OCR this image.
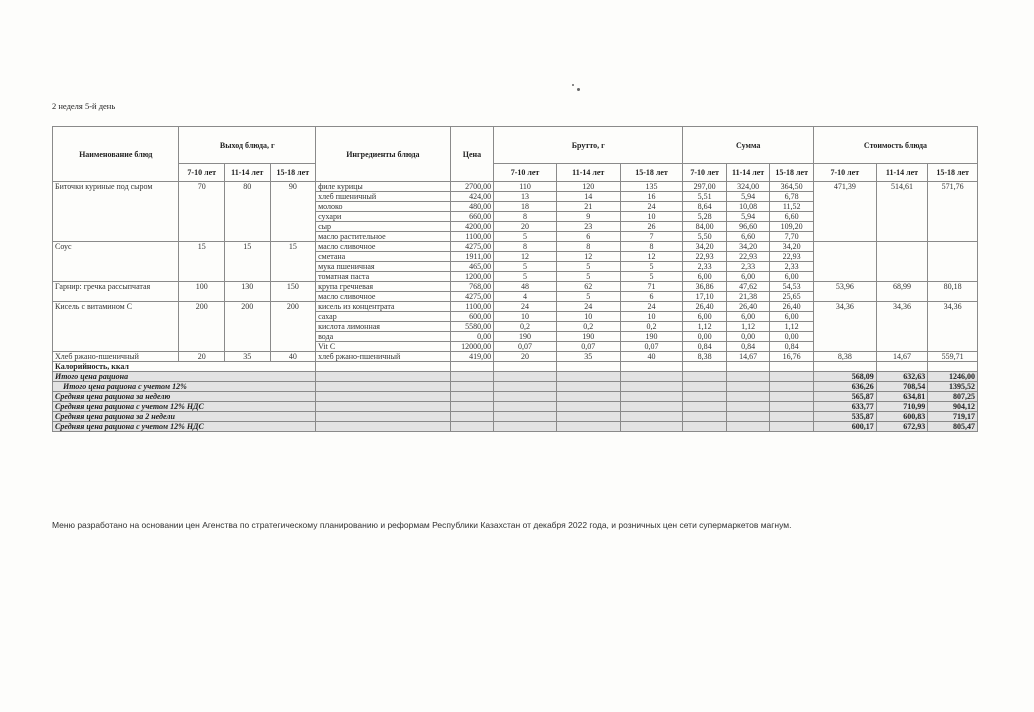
2 неделя 5-й день
Наименование блюд	Выход блюда, г			Ингредиенты блюда	Цена	Брутто, г			Сумма			Стоимость блюда		
	7-10 лет	11-14 лет	15-18 лет			7-10 лет	11-14 лет	15-18 лет	7-10 лет	11-14 лет	15-18 лет	7-10 лет	11-14 лет	15-18 лет
Биточки куриные под сыром	70	80	90	филе курицы	2700,00	110	120	135	297,00	324,00	364,50	471,39	514,61	571,76
				хлеб пшеничный	424,00	13	14	16	5,51	5,94	6,78			
				молоко	480,00	18	21	24	8,64	10,08	11,52			
				сухари	660,00	8	9	10	5,28	5,94	6,60			
				сыр	4200,00	20	23	26	84,00	96,60	109,20			
				масло растительное	1100,00	5	6	7	5,50	6,60	7,70			
Соус	15	15	15	масло сливочное	4275,00	8	8	8	34,20	34,20	34,20			
				сметана	1911,00	12	12	12	22,93	22,93	22,93			
				мука пшеничная	465,00	5	5	5	2,33	2,33	2,33			
				томатная паста	1200,00	5	5	5	6,00	6,00	6,00			
Гарнир: гречка рассыпчатая	100	130	150	крупа гречневая	768,00	48	62	71	36,86	47,62	54,53	53,96	68,99	80,18
				масло сливочное	4275,00	4	5	6	17,10	21,38	25,65			
Кисель с витамином С	200	200	200	кисель из концентрата	1100,00	24	24	24	26,40	26,40	26,40	34,36	34,36	34,36
				сахар	600,00	10	10	10	6,00	6,00	6,00			
				кислота лимонная	5580,00	0,2	0,2	0,2	1,12	1,12	1,12			
				вода	0,00	190	190	190	0,00	0,00	0,00			
				Vit C	12000,00	0,07	0,07	0,07	0,84	0,84	0,84			
Хлеб ржано-пшеничный	20	35	40	хлеб ржано-пшеничный	419,00	20	35	40	8,38	14,67	16,76	8,38	14,67	559,71
Калорийность, ккал														
Итого цена рациона												568,09	632,63	1246,00
Итого цена рациона с учетом 12%												636,26	708,54	1395,52
Средняя цена рациона за неделю												565,87	634,81	807,25
Средняя цена рациона с учетом 12% НДС												633,77	710,99	904,12
Средняя цена рациона за 2 недели												535,87	600,83	719,17
Средняя цена рациона с учетом 12% НДС												600,17	672,93	805,47
Меню разработано на основании цен Агенства по стратегическому планированию и реформам Республики Казахстан от декабря 2022 года, и розничных цен сети супермаркетов магнум.
